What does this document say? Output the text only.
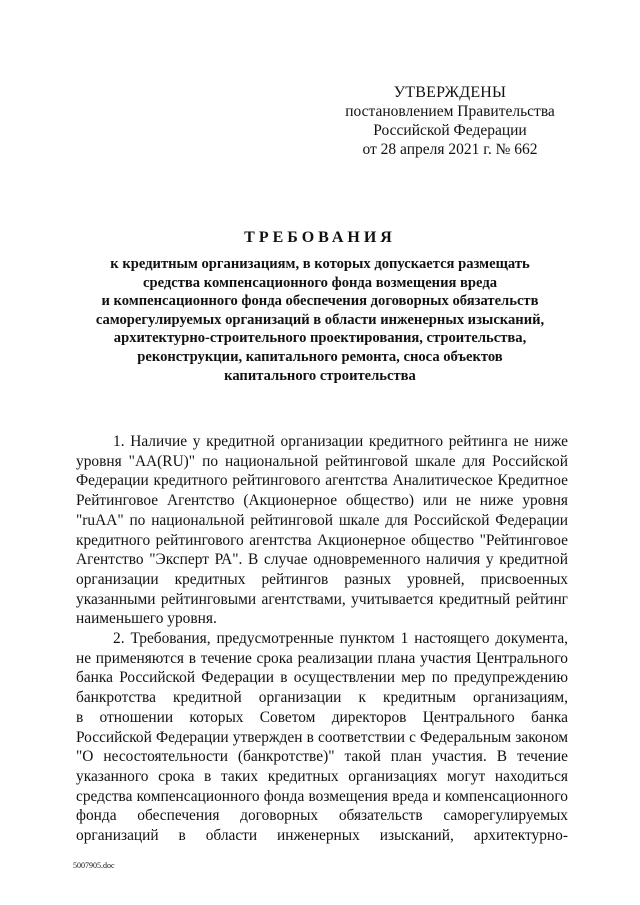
УТВЕРЖДЕНЫ
постановлением Правительства
Российской Федерации
от 28 апреля 2021 г. № 662
ТРЕБОВАНИЯ
к кредитным организациям, в которых допускается размещать
средства компенсационного фонда возмещения вреда
и компенсационного фонда обеспечения договорных обязательств
саморегулируемых организаций в области инженерных изысканий,
архитектурно-строительного проектирования, строительства,
реконструкции, капитального ремонта, сноса объектов
капитального строительства
1. Наличие у кредитной организации кредитного рейтинга не ниже
уровня "AA(RU)" по национальной рейтинговой шкале для Российской
Федерации кредитного рейтингового агентства Аналитическое Кредитное
Рейтинговое Агентство (Акционерное общество) или не ниже уровня
"ruAA" по национальной рейтинговой шкале для Российской Федерации
кредитного рейтингового агентства Акционерное общество "Рейтинговое
Агентство "Эксперт РА". В случае одновременного наличия у кредитной
организации кредитных рейтингов разных уровней, присвоенных
указанными рейтинговыми агентствами, учитывается кредитный рейтинг
наименьшего уровня.
2. Требования, предусмотренные пунктом 1 настоящего документа,
не применяются в течение срока реализации плана участия Центрального
банка Российской Федерации в осуществлении мер по предупреждению
банкротства кредитной организации к кредитным организациям,
в отношении которых Советом директоров Центрального банка
Российской Федерации утвержден в соответствии с Федеральным законом
"О несостоятельности (банкротстве)" такой план участия. В течение
указанного срока в таких кредитных организациях могут находиться
средства компенсационного фонда возмещения вреда и компенсационного
фонда обеспечения договорных обязательств саморегулируемых
организаций в области инженерных изысканий, архитектурно-
5007905.doc
